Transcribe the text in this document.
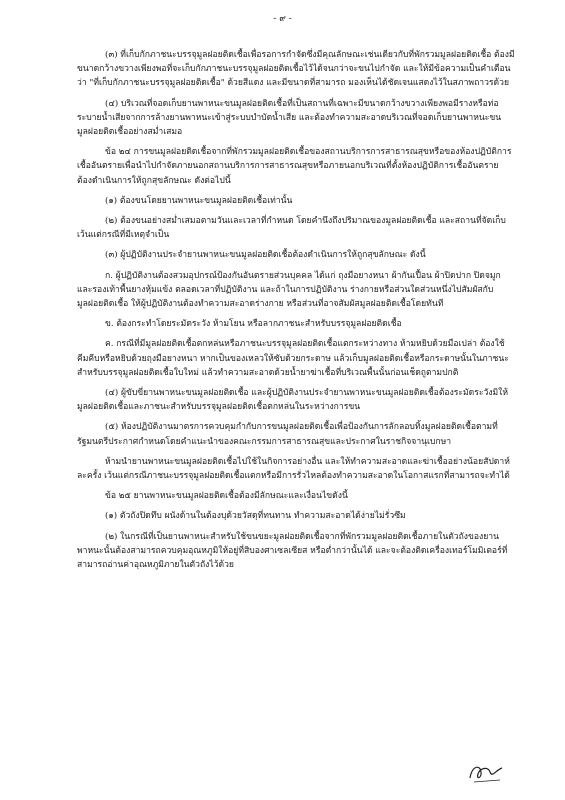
- ๙ -

(๓) ที่เก็บกักภาชนะบรรจุมูลฝอยติดเชื้อเพื่อรอการกำจัดซึ่งมีคุณลักษณะเช่นเดียวกับที่พักรวมมูลฝอยติดเชื้อ ต้องมีขนาดกว้างขวางเพียงพอที่จะเก็บกักภาชนะบรรจุมูลฝอยติดเชื้อไว้ได้จนกว่าจะขนไปกำจัด และให้มีข้อความเป็นคำเตือนว่า "ที่เก็บกักภาชนะบรรจุมูลฝอยติดเชื้อ" ด้วยสีแดง และมีขนาดที่สามารถ มองเห็นได้ชัดเจนแสดงไว้ในสภาพถาวรด้วย

(๔) บริเวณที่จอดเก็บยานพาหนะขนมูลฝอยติดเชื้อที่เป็นสถานที่เฉพาะมีขนาดกว้างขวางเพียงพอมีรางหรือท่อระบายน้ำเสียจากการล้างยานพาหนะเข้าสู่ระบบบำบัดน้ำเสีย และต้องทำความสะอาดบริเวณที่จอดเก็บยานพาหนะขนมูลฝอยติดเชื้ออย่างสม่ำเสมอ

ข้อ ๒๔ การขนมูลฝอยติดเชื้อจากที่พักรวมมูลฝอยติดเชื้อของสถานบริการการสาธารณสุขหรือของห้องปฏิบัติการเชื้ออันตรายเพื่อนำไปกำจัดภายนอกสถานบริการการสาธารณสุขหรือภายนอกบริเวณที่ตั้งห้องปฏิบัติการเชื้ออันตราย ต้องดำเนินการให้ถูกสุขลักษณะ ดังต่อไปนี้

(๑) ต้องขนโดยยานพาหนะขนมูลฝอยติดเชื้อเท่านั้น

(๒) ต้องขนอย่างสม่ำเสมอตามวันและเวลาที่กำหนด โดยคำนึงถึงปริมาณของมูลฝอยติดเชื้อ และสถานที่จัดเก็บ เว้นแต่กรณีที่มีเหตุจำเป็น

(๓) ผู้ปฏิบัติงานประจำยานพาหนะขนมูลฝอยติดเชื้อต้องดำเนินการให้ถูกสุขลักษณะ ดังนี้

ก. ผู้ปฏิบัติงานต้องสวมอุปกรณ์ป้องกันอันตรายส่วนบุคคล ได้แก่ ถุงมือยางหนา ผ้ากันเปื้อน ผ้าปิดปาก ปิดจมูก และรองเท้าพื้นยางหุ้มแข้ง ตลอดเวลาที่ปฏิบัติงาน และถ้าในการปฏิบัติงาน ร่างกายหรือส่วนใดส่วนหนึ่งไปสัมผัสกับมูลฝอยติดเชื้อ ให้ผู้ปฏิบัติงานต้องทำความสะอาดร่างกาย หรือส่วนที่อาจสัมผัสมูลฝอยติดเชื้อโดยทันที

ข. ต้องกระทำโดยระมัดระวัง ห้ามโยน หรือลากภาชนะสำหรับบรรจุมูลฝอยติดเชื้อ

ค. กรณีที่มีมูลฝอยติดเชื้อตกหล่นหรือภาชนะบรรจุมูลฝอยติดเชื้อแตกระหว่างทาง ห้ามหยิบด้วยมือเปล่า ต้องใช้คีมคีบหรือหยิบด้วยถุงมือยางหนา หากเป็นของเหลวให้ซับด้วยกระดาษ แล้วเก็บมูลฝอยติดเชื้อหรือกระดาษนั้นในภาชนะสำหรับบรรจุมูลฝอยติดเชื้อใบใหม่ แล้วทำความสะอาดด้วยน้ำยาฆ่าเชื้อที่บริเวณพื้นนั้นก่อนเช็ดถูตามปกติ

(๔) ผู้ขับขี่ยานพาหนะขนมูลฝอยติดเชื้อ และผู้ปฏิบัติงานประจำยานพาหนะขนมูลฝอยติดเชื้อต้องระมัดระวังมิให้มูลฝอยติดเชื้อและภาชนะสำหรับบรรจุมูลฝอยติดเชื้อตกหล่นในระหว่างการขน

(๕) ห้องปฏิบัติงานมาตรการควบคุมกำกับการขนมูลฝอยติดเชื้อเพื่อป้องกันการลักลอบทิ้งมูลฝอยติดเชื้อตามที่รัฐมนตรีประกาศกำหนดโดยคำแนะนำของคณะกรรมการสาธารณสุขและประกาศในราชกิจจานุเบกษา

ห้ามนำยานพาหนะขนมูลฝอยติดเชื้อไปใช้ในกิจการอย่างอื่น และให้ทำความสะอาดและฆ่าเชื้ออย่างน้อยสัปดาห์ละครั้ง เว้นแต่กรณีภาชนะบรรจุมูลฝอยติดเชื้อแตกหรือมีการรั่วไหลต้องทำความสะอาดในโอกาสแรกที่สามารถจะทำได้

ข้อ ๒๕ ยานพาหนะขนมูลฝอยติดเชื้อต้องมีลักษณะและเงื่อนไขดังนี้

(๑) ตัวถังปิดทึบ ผนังด้านในต้องบุด้วยวัสดุที่ทนทาน ทำความสะอาดได้ง่ายไม่รั่วซึม

(๒) ในกรณีที่เป็นยานพาหนะสำหรับใช้ขนขยะมูลฝอยติดเชื้อจากที่พักรวมมูลฝอยติดเชื้อภายในตัวถังของยานพาหนะนั้นต้องสามารถควบคุมอุณหภูมิให้อยู่ที่สิบองศาเซลเซียส หรือต่ำกว่านั้นได้ และจะต้องติดเครื่องเทอร์โมมิเตอร์ที่สามารถอ่านค่าอุณหภูมิภายในตัวถังไว้ด้วย
